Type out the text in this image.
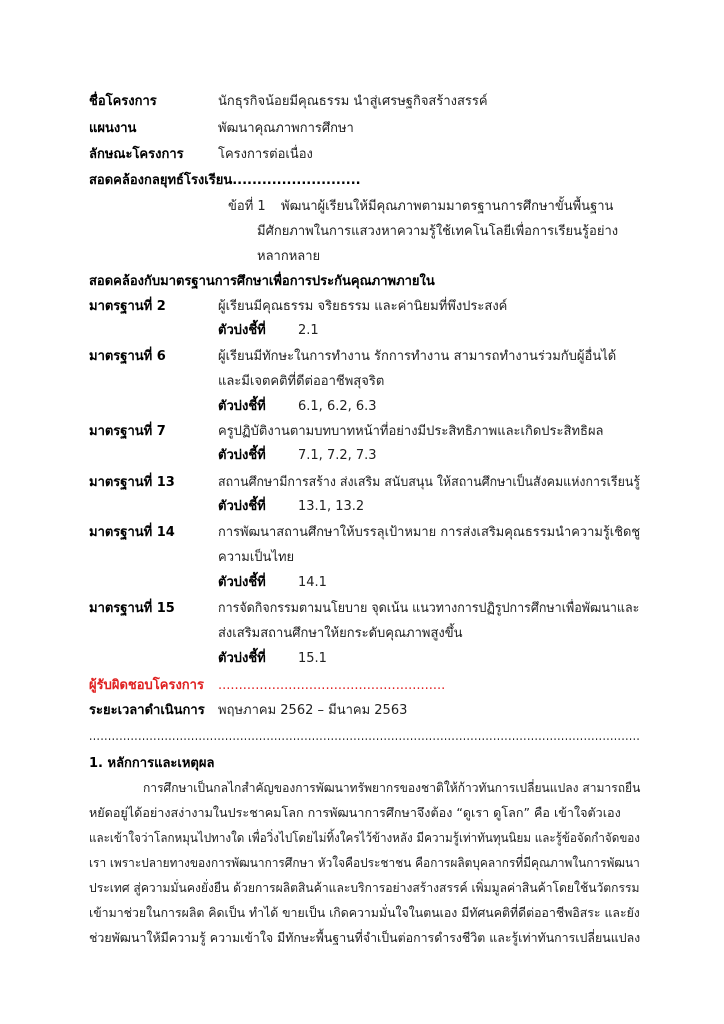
ชื่อโครงการ	นักธุรกิจน้อยมีคุณธรรม นำสู่เศรษฐกิจสร้างสรรค์
แผนงาน	พัฒนาคุณภาพการศึกษา
ลักษณะโครงการ	โครงการต่อเนื่อง
สอดคล้องกลยุทธ์โรงเรียน..........................
ข้อที่ 1 พัฒนาผู้เรียนให้มีคุณภาพตามมาตรฐานการศึกษาขั้นพื้นฐาน
มีศักยภาพในการแสวงหาความรู้ใช้เทคโนโลยีเพื่อการเรียนรู้อย่าง
หลากหลาย
สอดคล้องกับมาตรฐานการศึกษาเพื่อการประกันคุณภาพภายใน
มาตรฐานที่ 2	ผู้เรียนมีคุณธรรม จริยธรรม และค่านิยมที่พึงประสงค์
ตัวบ่งชี้ที่ 2.1
มาตรฐานที่ 6	ผู้เรียนมีทักษะในการทำงาน รักการทำงาน สามารถทำงานร่วมกับผู้อื่นได้
และมีเจตคติที่ดีต่ออาชีพสุจริต
ตัวบ่งชี้ที่ 6.1, 6.2, 6.3
มาตรฐานที่ 7	ครูปฏิบัติงานตามบทบาทหน้าที่อย่างมีประสิทธิภาพและเกิดประสิทธิผล
ตัวบ่งชี้ที่ 7.1, 7.2, 7.3
มาตรฐานที่ 13	สถานศึกษามีการสร้าง ส่งเสริม สนับสนุน ให้สถานศึกษาเป็นสังคมแห่งการเรียนรู้
ตัวบ่งชี้ที่ 13.1, 13.2
มาตรฐานที่ 14	การพัฒนาสถานศึกษาให้บรรลุเป้าหมาย การส่งเสริมคุณธรรมนำความรู้เชิดชู
ความเป็นไทย
ตัวบ่งชี้ที่ 14.1
มาตรฐานที่ 15	การจัดกิจกรรมตามนโยบาย จุดเน้น แนวทางการปฏิรูปการศึกษาเพื่อพัฒนาและ
ส่งเสริมสถานศึกษาให้ยกระดับคุณภาพสูงขึ้น
ตัวบ่งชี้ที่ 15.1
ผู้รับผิดชอบโครงการ .......................................................
ระยะเวลาดำเนินการ พฤษภาคม 2562 – มีนาคม 2563
..................................................................................................................................................
1. หลักการและเหตุผล
การศึกษาเป็นกลไกสำคัญของการพัฒนาทรัพยากรของชาติให้ก้าวทันการเปลี่ยนแปลง สามารถยืน
หยัดอยู่ได้อย่างสง่างามในประชาคมโลก การพัฒนาการศึกษาจึงต้อง “ดูเรา ดูโลก” คือ เข้าใจตัวเอง
และเข้าใจว่าโลกหมุนไปทางใด เพื่อวิ่งไปโดยไม่ทิ้งใครไว้ข้างหลัง มีความรู้เท่าทันทุนนิยม และรู้ข้อจัดกำจัดของ
เรา เพราะปลายทางของการพัฒนาการศึกษา หัวใจคือประชาชน คือการผลิตบุคลากรที่มีคุณภาพในการพัฒนา
ประเทศ สู่ความมั่นคงยั่งยืน ด้วยการผลิตสินค้าและบริการอย่างสร้างสรรค์ เพิ่มมูลค่าสินค้าโดยใช้นวัตกรรม
เข้ามาช่วยในการผลิต คิดเป็น ทำได้ ขายเป็น เกิดความมั่นใจในตนเอง มีทัศนคติที่ดีต่ออาชีพอิสระ และยัง
ช่วยพัฒนาให้มีความรู้ ความเข้าใจ มีทักษะพื้นฐานที่จำเป็นต่อการดำรงชีวิต และรู้เท่าทันการเปลี่ยนแปลง
